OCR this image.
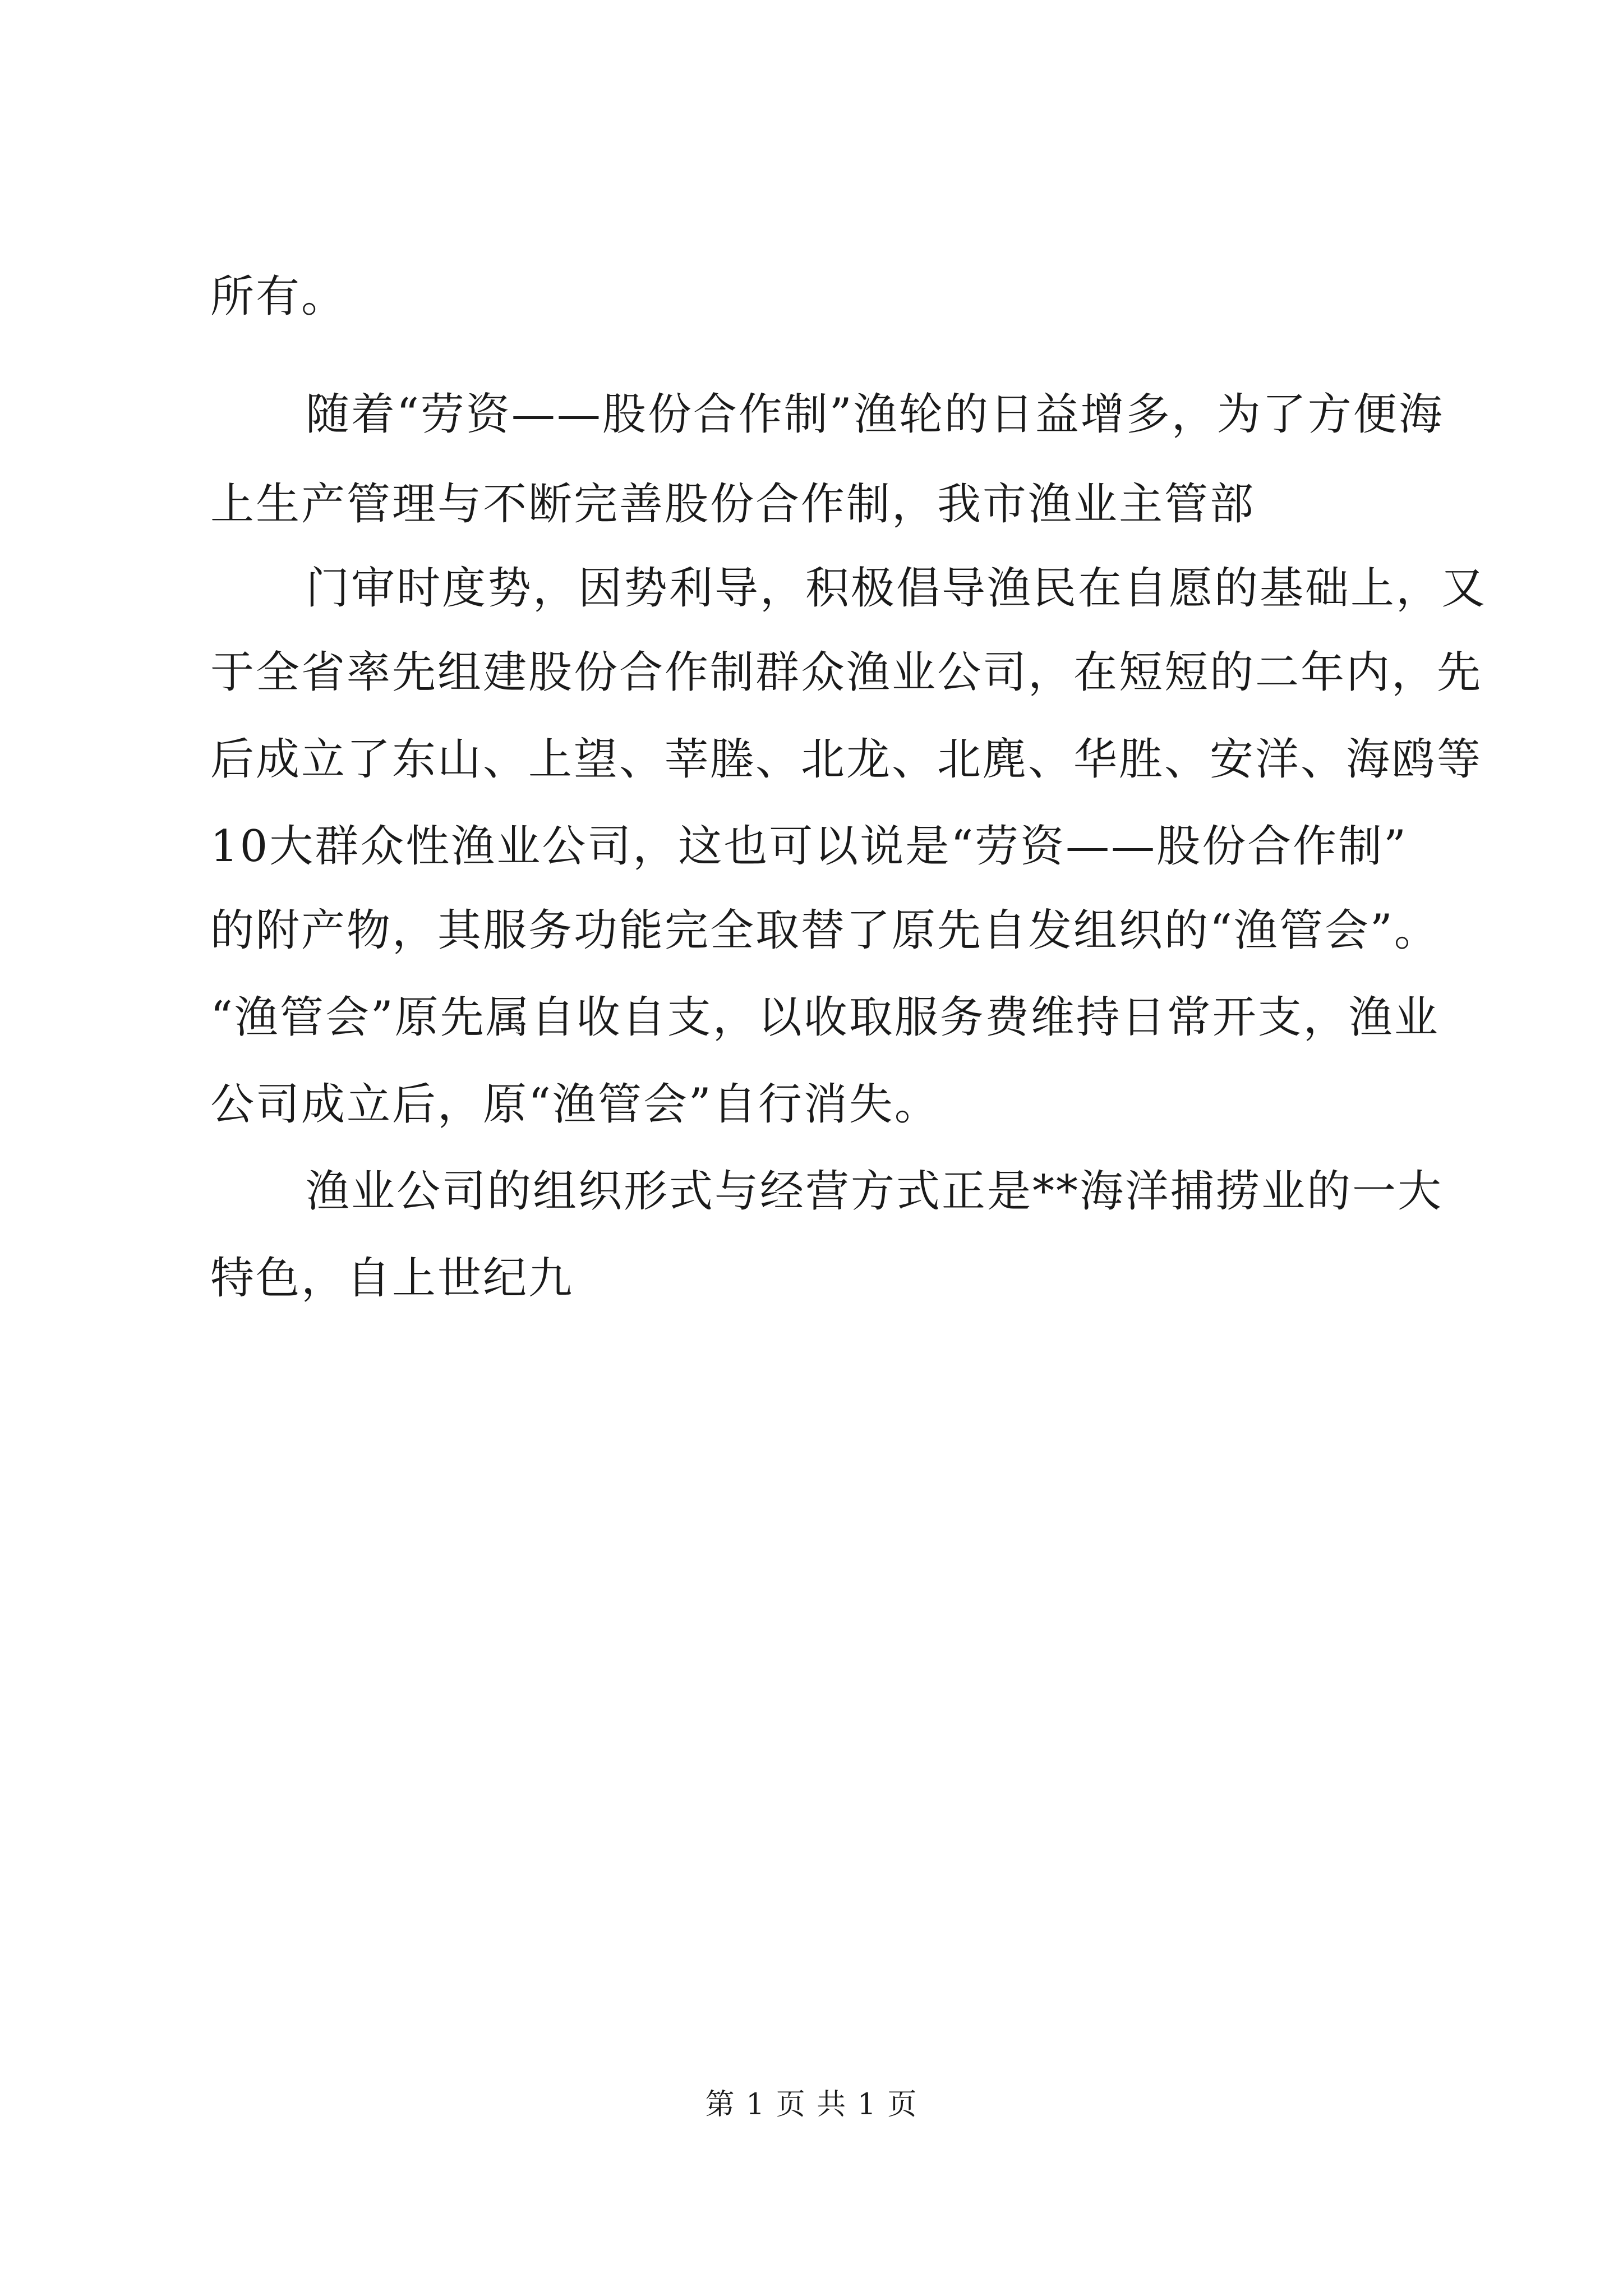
所有。
随着“劳资——股份合作制”渔轮的日益增多，为了方便海
上生产管理与不断完善股份合作制，我市渔业主管部
门审时度势，因势利导，积极倡导渔民在自愿的基础上，又
于全省率先组建股份合作制群众渔业公司，在短短的二年内，先
后成立了东山、上望、莘塍、北龙、北麂、华胜、安洋、海鸥等
10大群众性渔业公司，这也可以说是“劳资——股份合作制”
的附产物，其服务功能完全取替了原先自发组织的“渔管会”。
“渔管会”原先属自收自支，以收取服务费维持日常开支，渔业
公司成立后，原“渔管会”自行消失。
渔业公司的组织形式与经营方式正是**海洋捕捞业的一大
特色，自上世纪九
第 1 页 共 1 页
